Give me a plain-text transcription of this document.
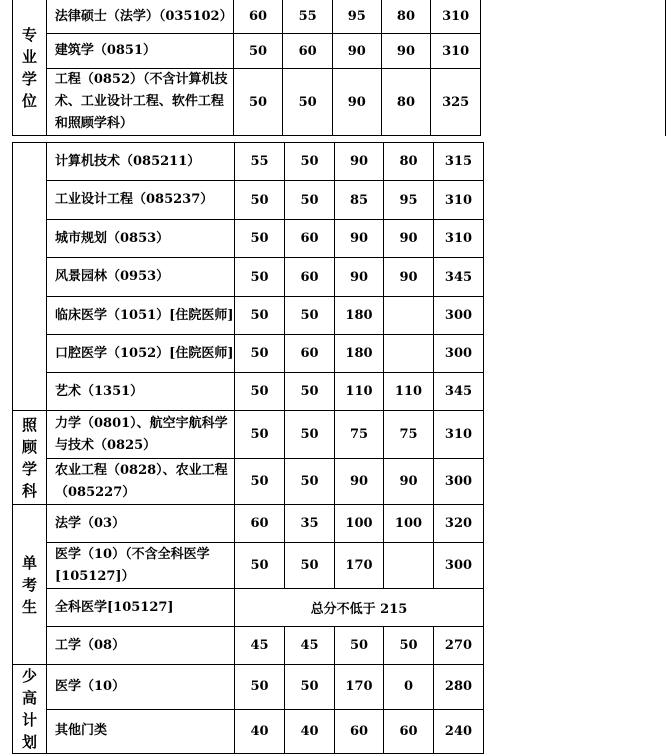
专业学位	法律硕士（法学）（035102）	60	55	95	80	310	
	建筑学（0851）	50	60	90	90	310	
	工程（0852）（不含计算机技术、工业设计工程、软件工程和照顾学科）	50	50	90	80	325	
	计算机技术（085211）	55	50	90	80	315
	工业设计工程（085237）	50	50	85	95	310
	城市规划（0853）	50	60	90	90	310
	风景园林（0953）	50	60	90	90	345
	临床医学（1051）[住院医师]	50	50	180		300
	口腔医学（1052）[住院医师]	50	60	180		300
	艺术（1351）	50	50	110	110	345
照顾学科	力学（0801）、航空宇航科学与技术（0825）	50	50	75	75	310
	农业工程（0828）、农业工程（085227）	50	50	90	90	300
单考生	法学（03）	60	35	100	100	320
	医学（10）（不含全科医学[105127]）	50	50	170		300
	全科医学[105127]	总分不低于 215				
	工学（08）	45	45	50	50	270
少高计划	医学（10）	50	50	170	0	280
	其他门类	40	40	60	60	240
